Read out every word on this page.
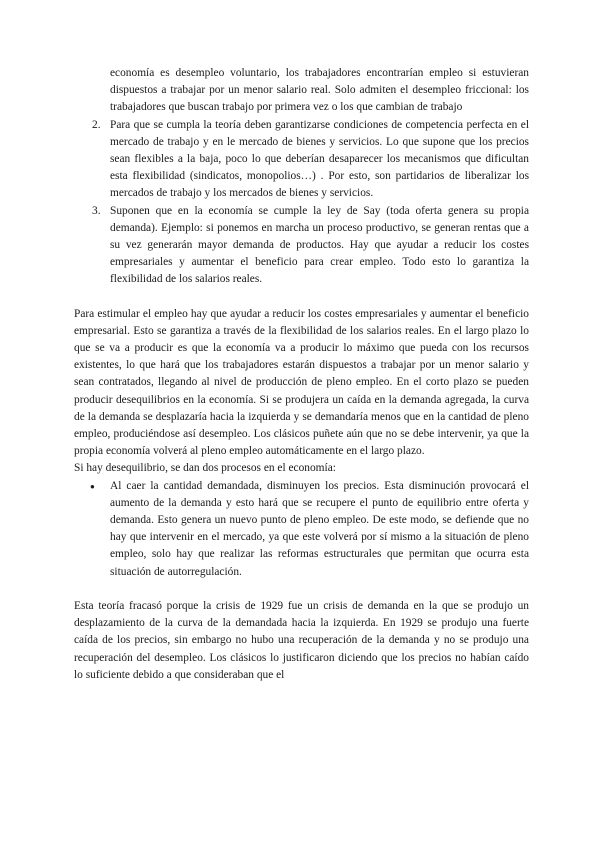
economía es desempleo voluntario, los trabajadores encontrarían empleo si estuvieran dispuestos a trabajar por un menor salario real. Solo admiten el desempleo friccional: los trabajadores que buscan trabajo por primera vez o los que cambian de trabajo

2. Para que se cumpla la teoría deben garantizarse condiciones de competencia perfecta en el mercado de trabajo y en le mercado de bienes y servicios. Lo que supone que los precios sean flexibles a la baja, poco lo que deberían desaparecer los mecanismos que dificultan esta flexibilidad (sindicatos, monopolios…) . Por esto, son partidarios de liberalizar los mercados de trabajo y los mercados de bienes y servicios.
3. Suponen que en la economía se cumple la ley de Say (toda oferta genera su propia demanda). Ejemplo: si ponemos en marcha un proceso productivo, se generan rentas que a su vez generarán mayor demanda de productos. Hay que ayudar a reducir los costes empresariales y aumentar el beneficio para crear empleo. Todo esto lo garantiza la flexibilidad de los salarios reales.

Para estimular el empleo hay que ayudar a reducir los costes empresariales y aumentar el beneficio empresarial. Esto se garantiza a través de la flexibilidad de los salarios reales. En el largo plazo lo que se va a producir es que la economía va a producir lo máximo que pueda con los recursos existentes, lo que hará que los trabajadores estarán dispuestos a trabajar por un menor salario y sean contratados, llegando al nivel de producción de pleno empleo. En el corto plazo se pueden producir desequilibrios en la economía. Si se produjera un caída en la demanda agregada, la curva de la demanda se desplazaría hacia la izquierda y se demandaría menos que en la cantidad de pleno empleo, produciéndose así desempleo. Los clásicos puñete aún que no se debe intervenir, ya que la propia economía volverá al pleno empleo automáticamente en el largo plazo.

Si hay desequilibrio, se dan dos procesos en el economía:

● Al caer la cantidad demandada, disminuyen los precios. Esta disminución provocará el aumento de la demanda y esto hará que se recupere el punto de equilibrio entre oferta y demanda. Esto genera un nuevo punto de pleno empleo. De este modo, se defiende que no hay que intervenir en el mercado, ya que este volverá por sí mismo a la situación de pleno empleo, solo hay que realizar las reformas estructurales que permitan que ocurra esta situación de autorregulación.

Esta teoría fracasó porque la crisis de 1929 fue un crisis de demanda en la que se produjo un desplazamiento de la curva de la demandada hacia la izquierda. En 1929 se produjo una fuerte caída de los precios, sin embargo no hubo una recuperación de la demanda y no se produjo una recuperación del desempleo. Los clásicos lo justificaron diciendo que los precios no habían caído lo suficiente debido a que consideraban que el
